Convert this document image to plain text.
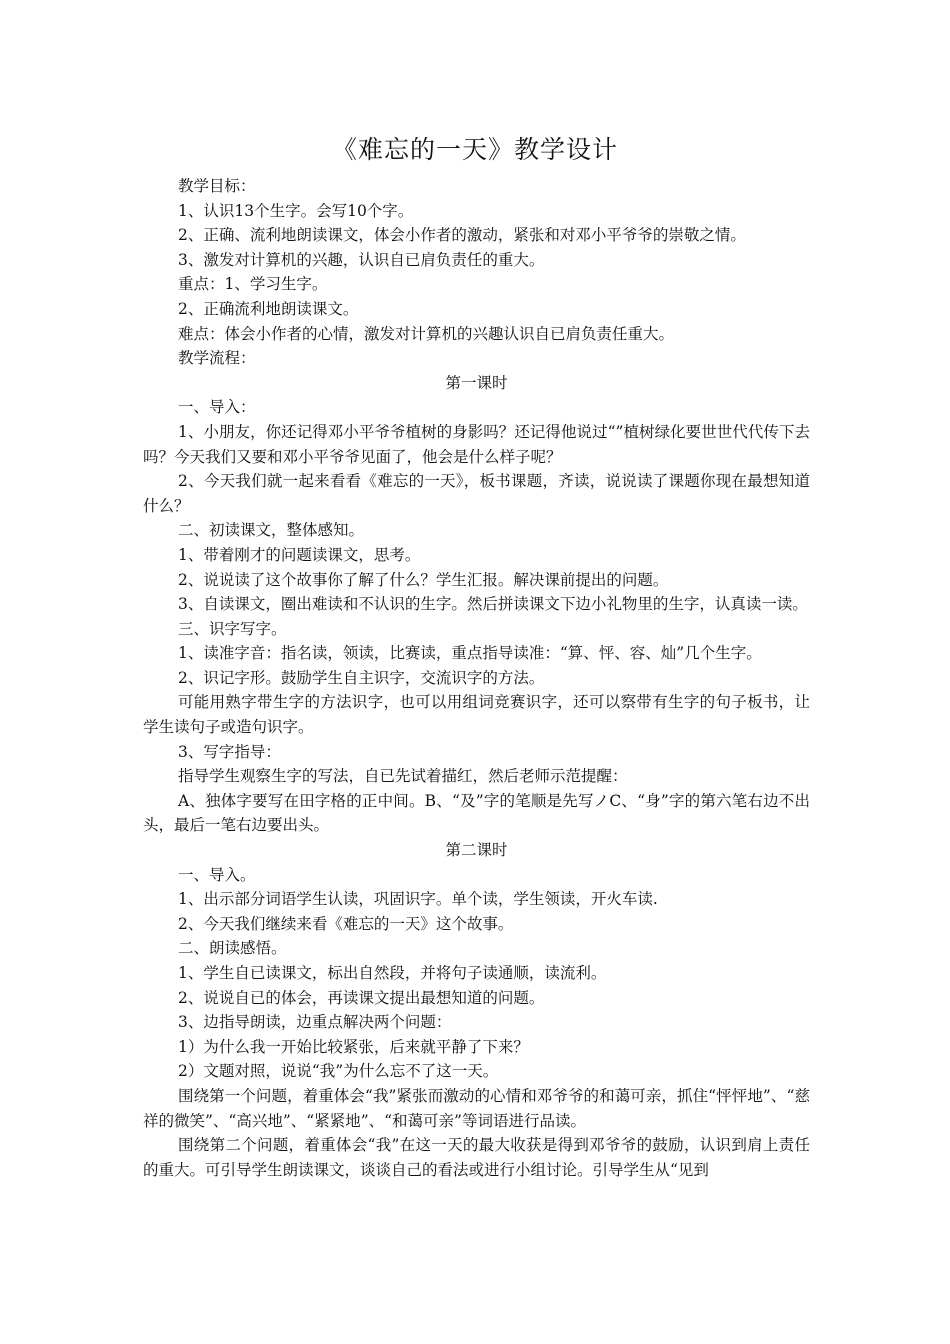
《难忘的一天》教学设计

教学目标：

1、认识13个生字。会写10个字。

2、正确、流利地朗读课文，体会小作者的激动，紧张和对邓小平爷爷的崇敬之情。

3、激发对计算机的兴趣，认识自已肩负责任的重大。

重点：1、学习生字。

2、正确流利地朗读课文。

难点：体会小作者的心情，激发对计算机的兴趣认识自已肩负责任重大。

教学流程：

第一课时

一、导入：

1、小朋友，你还记得邓小平爷爷植树的身影吗？还记得他说过“”植树绿化要世世代代传下去吗？今天我们又要和邓小平爷爷见面了，他会是什么样子呢？

2、今天我们就一起来看看《难忘的一天》，板书课题，齐读，说说读了课题你现在最想知道什么？

二、初读课文，整体感知。

1、带着刚才的问题读课文，思考。

2、说说读了这个故事你了解了什么？学生汇报。解决课前提出的问题。

3、自读课文，圈出难读和不认识的生字。然后拼读课文下边小礼物里的生字，认真读一读。

三、识字写字。

1、读准字音：指名读，领读，比赛读，重点指导读准：“算、怦、容、灿”几个生字。

2、识记字形。鼓励学生自主识字，交流识字的方法。

可能用熟字带生字的方法识字，也可以用组词竞赛识字，还可以察带有生字的句子板书，让学生读句子或造句识字。

3、写字指导：

指导学生观察生字的写法，自已先试着描红，然后老师示范提醒：

A、独体字要写在田字格的正中间。B、“及”字的笔顺是先写ノC、“身”字的第六笔右边不出头，最后一笔右边要出头。

第二课时

一、导入。

1、出示部分词语学生认读，巩固识字。单个读，学生领读，开火车读.

2、今天我们继续来看《难忘的一天》这个故事。

二、朗读感悟。

1、学生自已读课文，标出自然段，并将句子读通顺，读流利。

2、说说自已的体会，再读课文提出最想知道的问题。

3、边指导朗读，边重点解决两个问题：

1）为什么我一开始比较紧张，后来就平静了下来？

2）文题对照，说说“我”为什么忘不了这一天。

围绕第一个问题，着重体会“我”紧张而激动的心情和邓爷爷的和蔼可亲，抓住“怦怦地”、“慈祥的微笑”、“高兴地”、“紧紧地”、“和蔼可亲”等词语进行品读。

围绕第二个问题，着重体会“我”在这一天的最大收获是得到邓爷爷的鼓励，认识到肩上责任的重大。可引导学生朗读课文，谈谈自己的看法或进行小组讨论。引导学生从“见到
